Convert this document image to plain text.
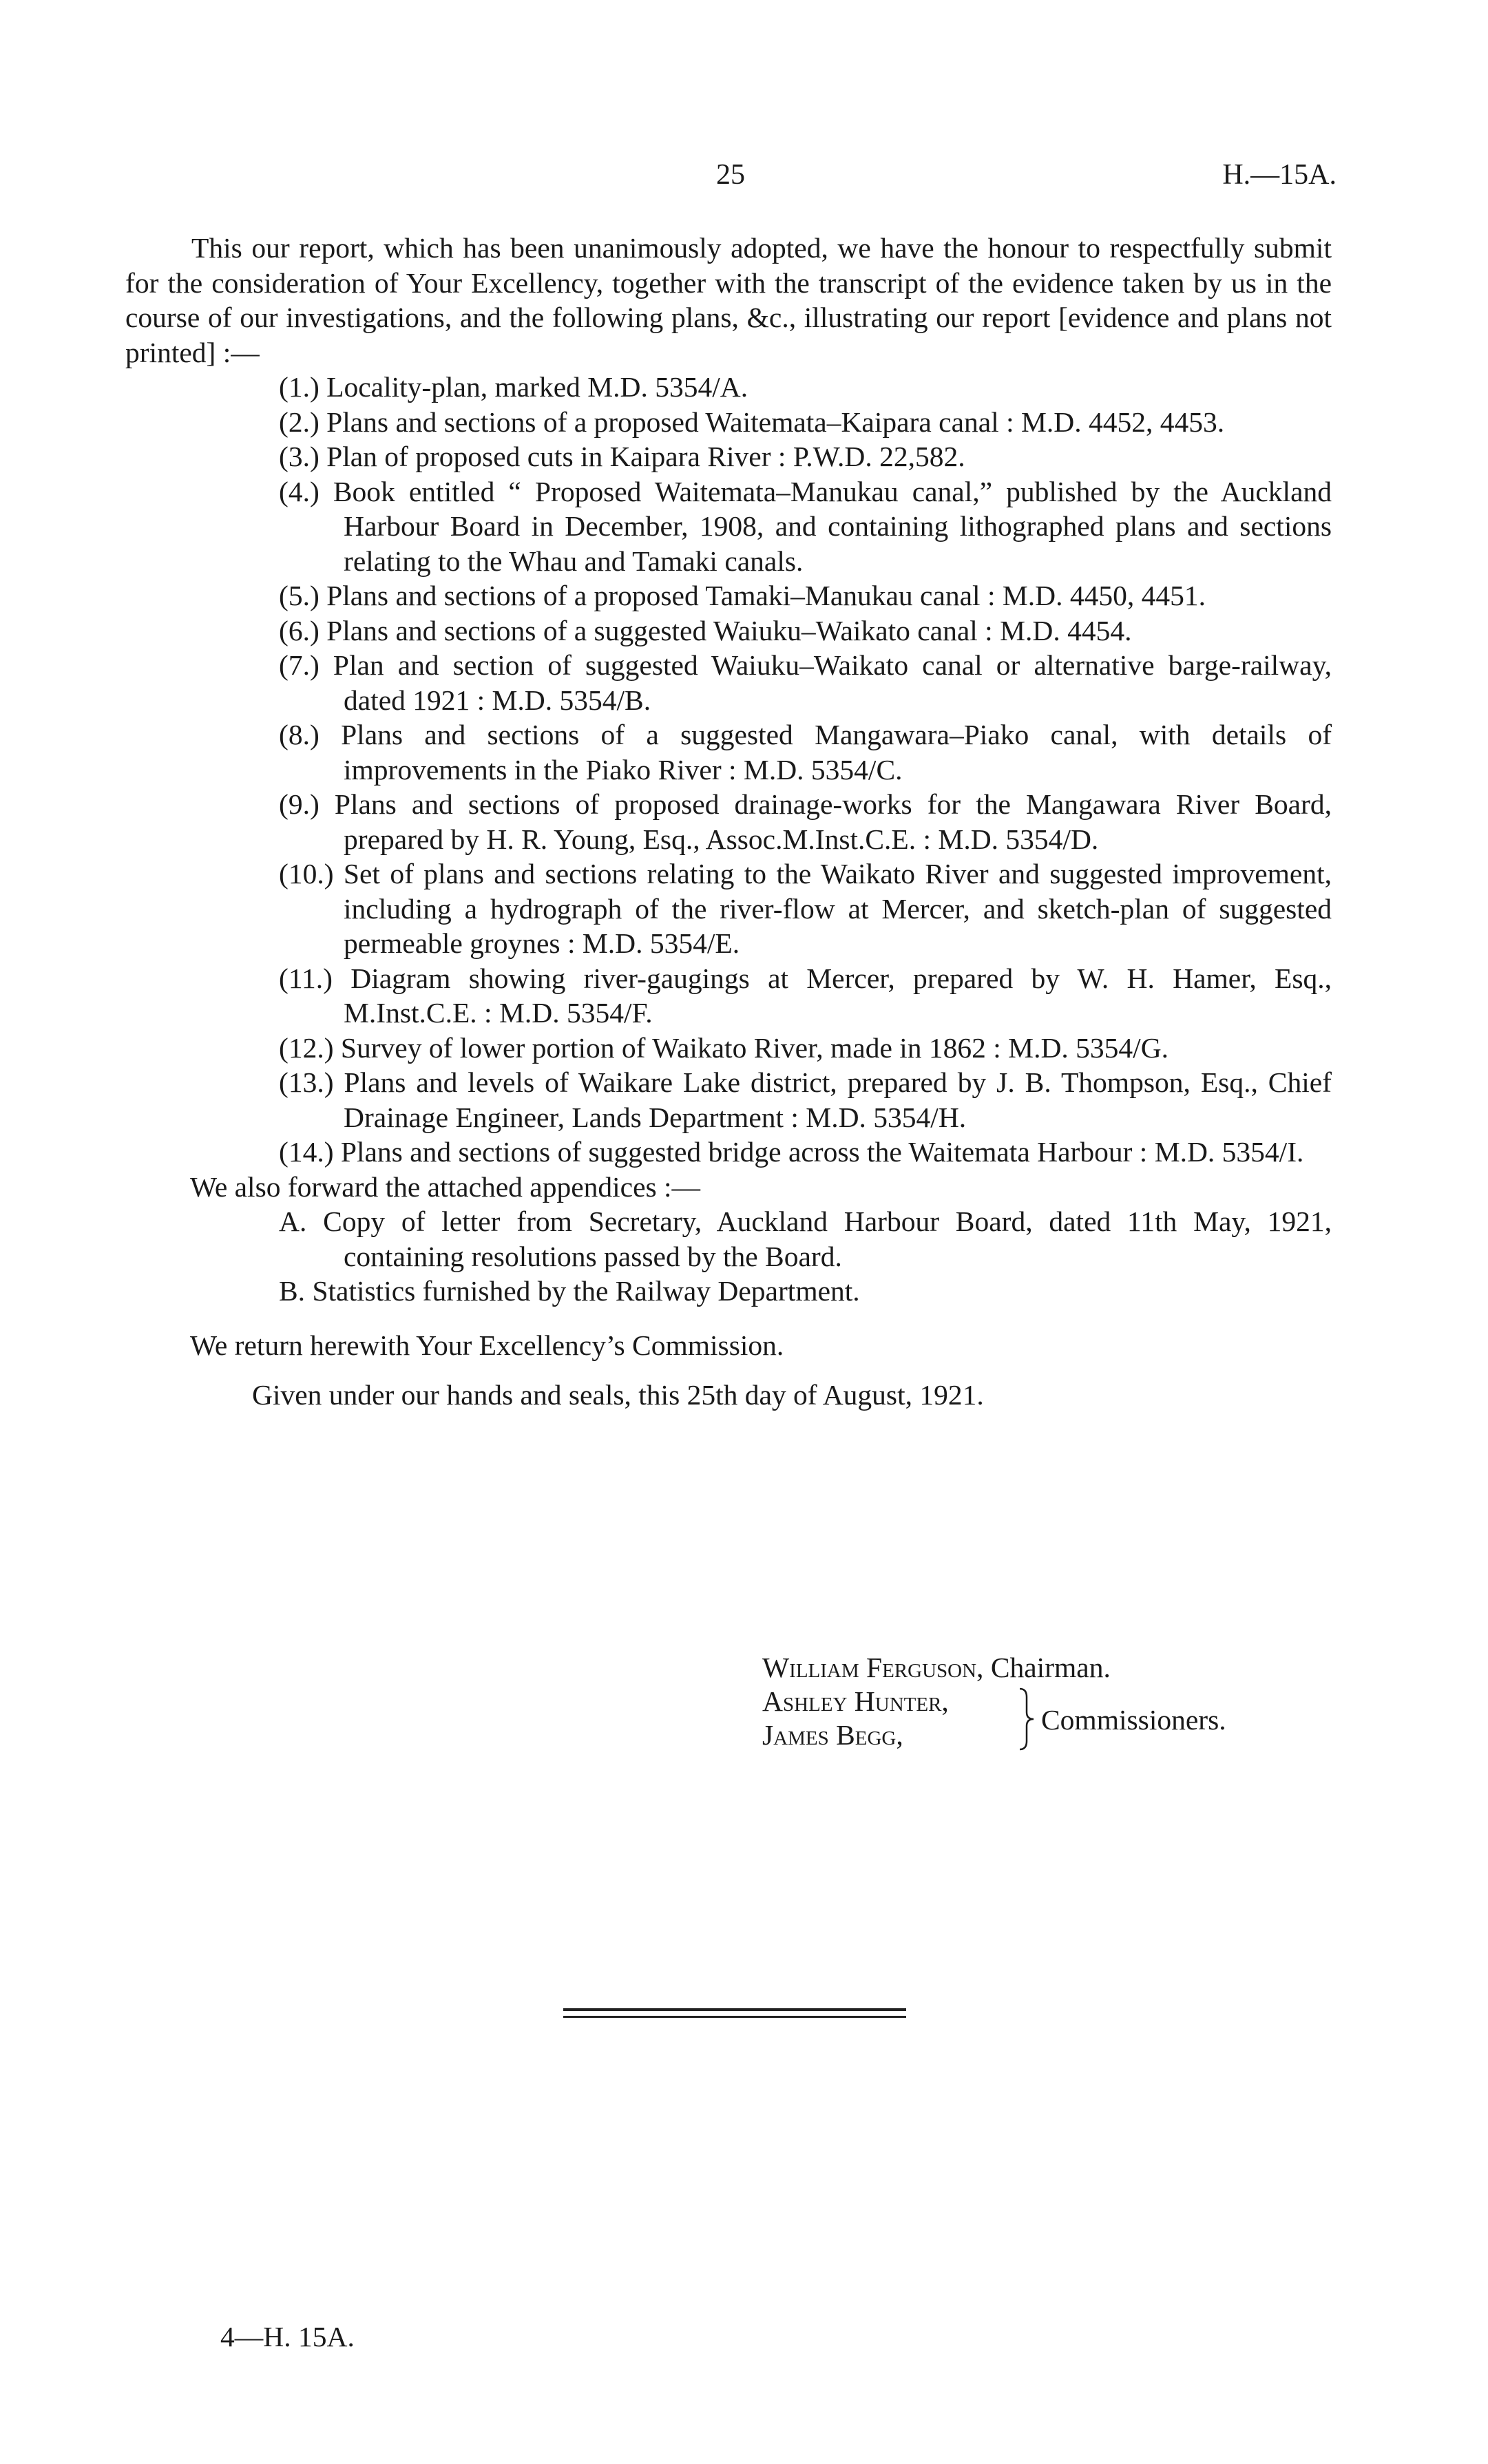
25	H.—15A.

This our report, which has been unanimously adopted, we have the honour to respectfully submit for the consideration of Your Excellency, together with the transcript of the evidence taken by us in the course of our investigations, and the following plans, &c., illustrating our report [evidence and plans not printed] :—

(1.) Locality-plan, marked M.D. 5354/A.
(2.) Plans and sections of a proposed Waitemata–Kaipara canal : M.D. 4452, 4453.
(3.) Plan of proposed cuts in Kaipara River : P.W.D. 22,582.
(4.) Book entitled “ Proposed Waitemata–Manukau canal,” published by the Auckland Harbour Board in December, 1908, and containing lithographed plans and sections relating to the Whau and Tamaki canals.
(5.) Plans and sections of a proposed Tamaki–Manukau canal : M.D. 4450, 4451.
(6.) Plans and sections of a suggested Waiuku–Waikato canal : M.D. 4454.
(7.) Plan and section of suggested Waiuku–Waikato canal or alternative barge-railway, dated 1921 : M.D. 5354/B.
(8.) Plans and sections of a suggested Mangawara–Piako canal, with details of improvements in the Piako River : M.D. 5354/C.
(9.) Plans and sections of proposed drainage-works for the Mangawara River Board, prepared by H. R. Young, Esq., Assoc.M.Inst.C.E. : M.D. 5354/D.
(10.) Set of plans and sections relating to the Waikato River and suggested improvement, including a hydrograph of the river-flow at Mercer, and sketch-plan of suggested permeable groynes : M.D. 5354/E.
(11.) Diagram showing river-gaugings at Mercer, prepared by W. H. Hamer, Esq., M.Inst.C.E. : M.D. 5354/F.
(12.) Survey of lower portion of Waikato River, made in 1862 : M.D. 5354/G.
(13.) Plans and levels of Waikare Lake district, prepared by J. B. Thompson, Esq., Chief Drainage Engineer, Lands Department : M.D. 5354/H.
(14.) Plans and sections of suggested bridge across the Waitemata Harbour : M.D. 5354/I.

We also forward the attached appendices :—

A. Copy of letter from Secretary, Auckland Harbour Board, dated 11th May, 1921, containing resolutions passed by the Board.
B. Statistics furnished by the Railway Department.

We return herewith Your Excellency’s Commission.

Given under our hands and seals, this 25th day of August, 1921.

William Ferguson, Chairman.
Ashley Hunter,
James Begg,	Commissioners.
4—H. 15A.
